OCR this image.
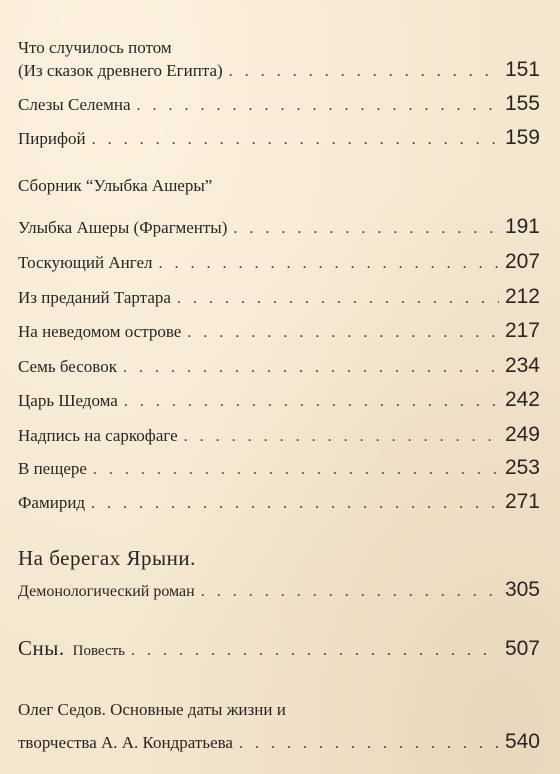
Что случилось потом
(Из сказок древнего Египта) . . .	151
Слезы Селемна . . .	155
Пирифой . . .	159
Сборник “Улыбка Ашеры”
Улыбка Ашеры (Фрагменты) . . .	191
Тоскующий Ангел . . .	207
Из преданий Тартара . . .	212
На неведомом острове . . .	217
Семь бесовок . . .	234
Царь Шедома . . .	242
Надпись на саркофаге . . .	249
В пещере . . .	253
Фамирид . . .	271
На берегах Ярыни.
Демонологический роман . . .	305
Сны. Повесть . . .	507
Олег Седов. Основные даты жизни и
творчества А. А. Кондратьева . . .	540
